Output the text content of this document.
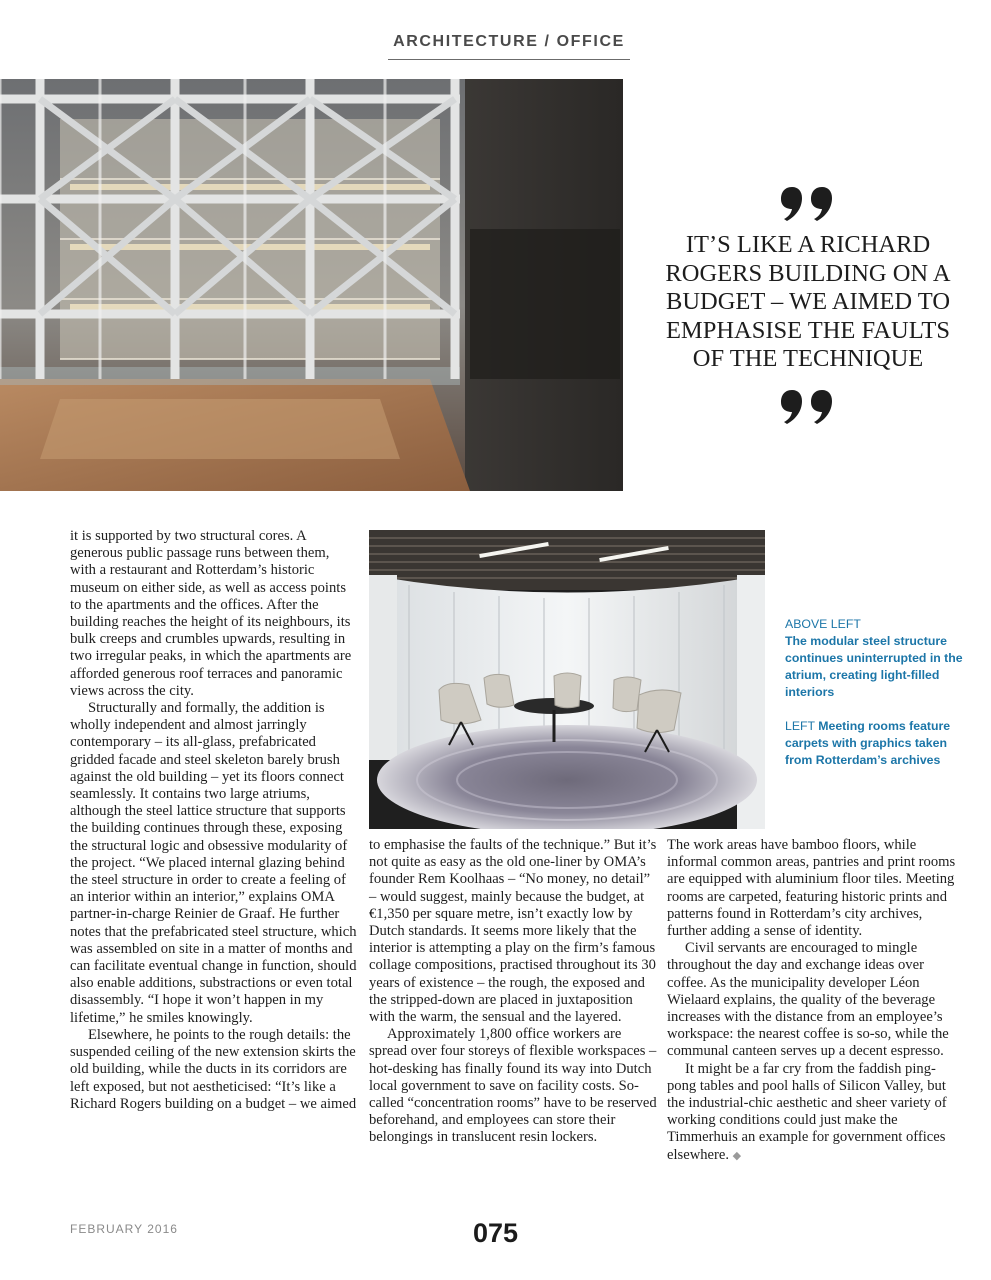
ARCHITECTURE / OFFICE
IT’S LIKE A RICHARD ROGERS BUILDING ON A BUDGET – WE AIMED TO EMPHASISE THE FAULTS OF THE TECHNIQUE
ABOVE LEFT
The modular steel structure continues uninterrupted in the atrium, creating light-filled interiors
LEFT Meeting rooms feature carpets with graphics taken from Rotterdam’s archives

it is supported by two structural cores. A generous public passage runs between them, with a restaurant and Rotterdam’s historic museum on either side, as well as access points to the apartments and the offices. After the building reaches the height of its neighbours, its bulk creeps and crumbles upwards, resulting in two irregular peaks, in which the apartments are afforded generous roof terraces and panoramic views across the city.

Structurally and formally, the addition is wholly independent and almost jarringly contemporary – its all-glass, prefabricated gridded facade and steel skeleton barely brush against the old building – yet its floors connect seamlessly. It contains two large atriums, although the steel lattice structure that supports the building continues through these, exposing the structural logic and obsessive modularity of the project. “We placed internal glazing behind the steel structure in order to create a feeling of an interior within an interior,” explains OMA partner-in-charge Reinier de Graaf. He further notes that the prefabricated steel structure, which was assembled on site in a matter of months and can facilitate eventual change in function, should also enable additions, substractions or even total disassembly. “I hope it won’t happen in my lifetime,” he smiles knowingly.

Elsewhere, he points to the rough details: the suspended ceiling of the new extension skirts the old building, while the ducts in its corridors are left exposed, but not aestheticised: “It’s like a Richard Rogers building on a budget – we aimed

to emphasise the faults of the technique.” But it’s not quite as easy as the old one-liner by OMA’s founder Rem Koolhaas – “No money, no detail” – would suggest, mainly because the budget, at €1,350 per square metre, isn’t exactly low by Dutch standards. It seems more likely that the interior is attempting a play on the firm’s famous collage compositions, practised throughout its 30 years of existence – the rough, the exposed and the stripped-down are placed in juxtaposition with the warm, the sensual and the layered.

Approximately 1,800 office workers are spread over four storeys of flexible workspaces – hot-desking has finally found its way into Dutch local government to save on facility costs. So-called “concentration rooms” have to be reserved beforehand, and employees can store their belongings in translucent resin lockers.

The work areas have bamboo floors, while informal common areas, pantries and print rooms are equipped with aluminium floor tiles. Meeting rooms are carpeted, featuring historic prints and patterns found in Rotterdam’s city archives, further adding a sense of identity.

Civil servants are encouraged to mingle throughout the day and exchange ideas over coffee. As the municipality developer Léon Wielaard explains, the quality of the beverage increases with the distance from an employee’s workspace: the nearest coffee is so-so, while the communal canteen serves up a decent espresso.

It might be a far cry from the faddish ping-pong tables and pool halls of Silicon Valley, but the industrial-chic aesthetic and sheer variety of working conditions could just make the Timmerhuis an example for government offices elsewhere. ◆

FEBRUARY 2016	075
